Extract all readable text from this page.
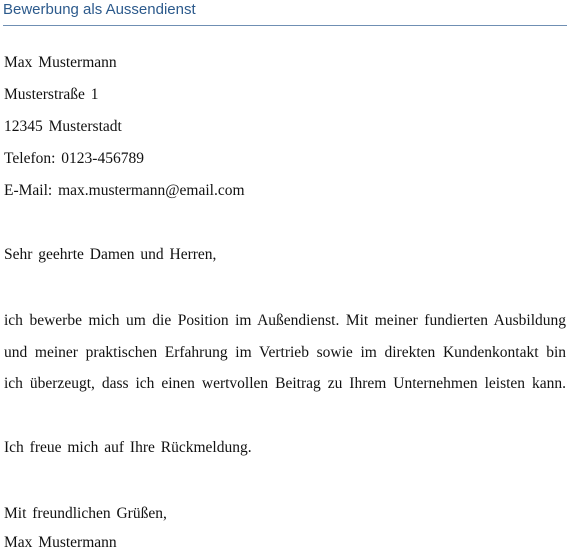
Bewerbung als Aussendienst
Max Mustermann
Musterstraße 1
12345 Musterstadt
Telefon: 0123-456789
E-Mail: max.mustermann@email.com
Sehr geehrte Damen und Herren,
ich bewerbe mich um die Position im Außendienst. Mit meiner fundierten Ausbildung
und meiner praktischen Erfahrung im Vertrieb sowie im direkten Kundenkontakt bin
ich überzeugt, dass ich einen wertvollen Beitrag zu Ihrem Unternehmen leisten kann.
Ich freue mich auf Ihre Rückmeldung.
Mit freundlichen Grüßen,
Max Mustermann
